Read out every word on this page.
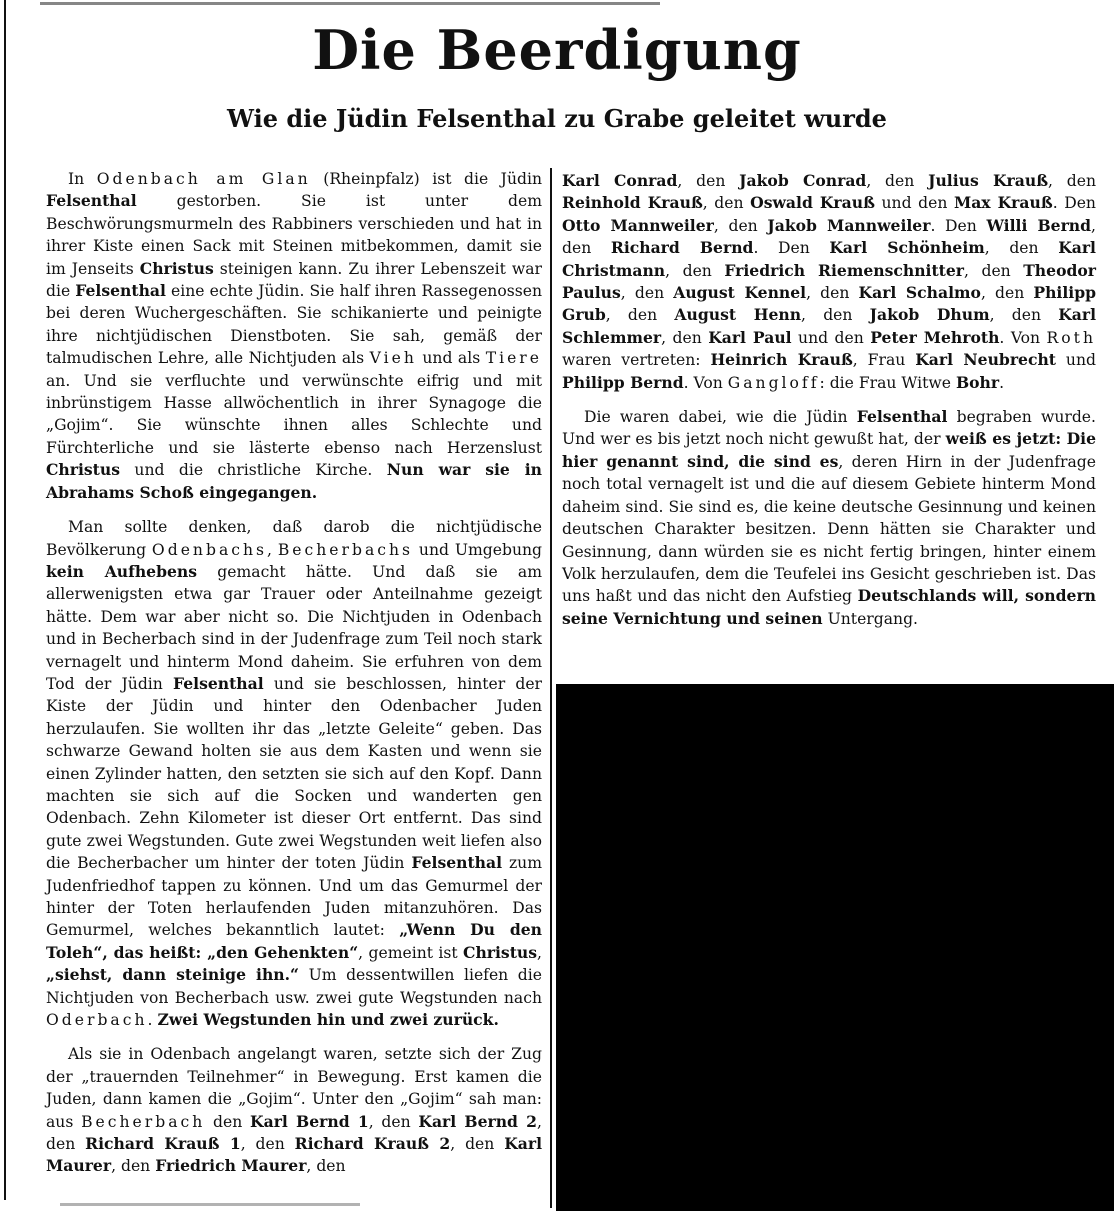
Die Beerdigung
Wie die Jüdin Felsenthal zu Grabe geleitet wurde

In Odenbach am Glan (Rheinpfalz) ist die Jüdin Felsenthal gestorben. Sie ist unter dem Beschwörungsmurmeln des Rabbiners verschieden und hat in ihrer Kiste einen Sack mit Steinen mitbekommen, damit sie im Jenseits Christus steinigen kann. Zu ihrer Lebenszeit war die Felsenthal eine echte Jüdin. Sie half ihren Rassegenossen bei deren Wuchergeschäften. Sie schikanierte und peinigte ihre nichtjüdischen Dienstboten. Sie sah, gemäß der talmudischen Lehre, alle Nichtjuden als Vieh und als Tiere an. Und sie verfluchte und verwünschte eifrig und mit inbrünstigem Hasse allwöchentlich in ihrer Synagoge die „Gojim“. Sie wünschte ihnen alles Schlechte und Fürchterliche und sie lästerte ebenso nach Herzenslust Christus und die christliche Kirche. Nun war sie in Abrahams Schoß eingegangen.

Man sollte denken, daß darob die nichtjüdische Bevölkerung Odenbachs, Becherbachs und Umgebung kein Aufhebens gemacht hätte. Und daß sie am allerwenigsten etwa gar Trauer oder Anteilnahme gezeigt hätte. Dem war aber nicht so. Die Nichtjuden in Odenbach und in Becherbach sind in der Judenfrage zum Teil noch stark vernagelt und hinterm Mond daheim. Sie erfuhren von dem Tod der Jüdin Felsenthal und sie beschlossen, hinter der Kiste der Jüdin und hinter den Odenbacher Juden herzulaufen. Sie wollten ihr das „letzte Geleite“ geben. Das schwarze Gewand holten sie aus dem Kasten und wenn sie einen Zylinder hatten, den setzten sie sich auf den Kopf. Dann machten sie sich auf die Socken und wanderten gen Odenbach. Zehn Kilometer ist dieser Ort entfernt. Das sind gute zwei Wegstunden. Gute zwei Wegstunden weit liefen also die Becherbacher um hinter der toten Jüdin Felsenthal zum Judenfriedhof tappen zu können. Und um das Gemurmel der hinter der Toten herlaufenden Juden mitanzuhören. Das Gemurmel, welches bekanntlich lautet: „Wenn Du den Toleh“, das heißt: „den Gehenkten“, gemeint ist Christus, „siehst, dann steinige ihn.“ Um dessentwillen liefen die Nichtjuden von Becherbach usw. zwei gute Wegstunden nach Oderbach. Zwei Wegstunden hin und zwei zurück.

Als sie in Odenbach angelangt waren, setzte sich der Zug der „trauernden Teilnehmer“ in Bewegung. Erst kamen die Juden, dann kamen die „Gojim“. Unter den „Gojim“ sah man: aus Becherbach den Karl Bernd 1, den Karl Bernd 2, den Richard Krauß 1, den Richard Krauß 2, den Karl Maurer, den Friedrich Maurer, den

Karl Conrad, den Jakob Conrad, den Julius Krauß, den Reinhold Krauß, den Oswald Krauß und den Max Krauß. Den Otto Mannweiler, den Jakob Mannweiler. Den Willi Bernd, den Richard Bernd. Den Karl Schönheim, den Karl Christmann, den Friedrich Riemenschnitter, den Theodor Paulus, den August Kennel, den Karl Schalmo, den Philipp Grub, den August Henn, den Jakob Dhum, den Karl Schlemmer, den Karl Paul und den Peter Mehroth. Von Roth waren vertreten: Heinrich Krauß, Frau Karl Neubrecht und Philipp Bernd. Von Gangloff: die Frau Witwe Bohr.

Die waren dabei, wie die Jüdin Felsenthal begraben wurde. Und wer es bis jetzt noch nicht gewußt hat, der weiß es jetzt: Die hier genannt sind, die sind es, deren Hirn in der Judenfrage noch total vernagelt ist und die auf diesem Gebiete hinterm Mond daheim sind. Sie sind es, die keine deutsche Gesinnung und keinen deutschen Charakter besitzen. Denn hätten sie Charakter und Gesinnung, dann würden sie es nicht fertig bringen, hinter einem Volk herzulaufen, dem die Teufelei ins Gesicht geschrieben ist. Das uns haßt und das nicht den Aufstieg Deutschlands will, sondern seine Vernichtung und seinen Untergang.
